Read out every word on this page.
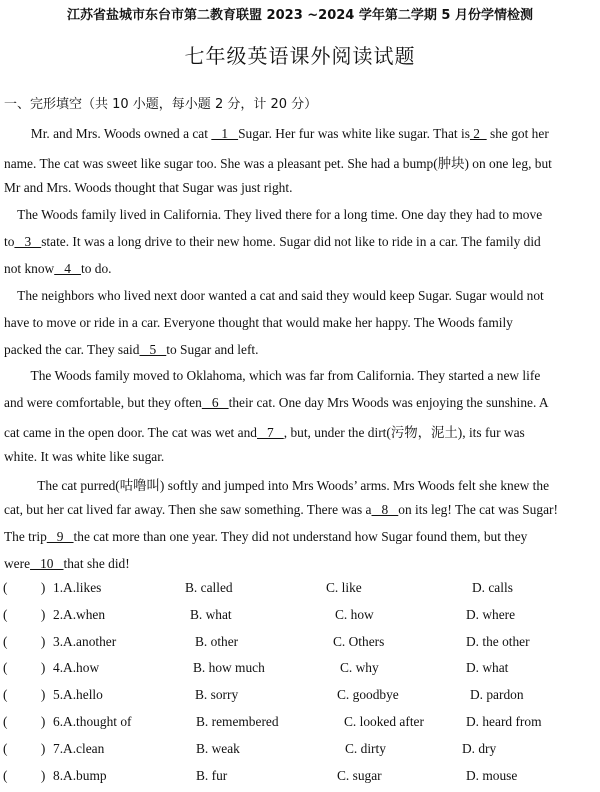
江苏省盐城市东台市第二教育联盟 2023 ~2024 学年第二学期 5 月份学情检测
七年级英语课外阅读试题
一、完形填空（共 10 小题，每小题 2 分，计 20 分）
Mr. and Mrs. Woods owned a cat    1   Sugar. Her fur was white like sugar. That is 2   she got her
name. The cat was sweet like sugar too. She was a pleasant pet. She had a bump(肿块) on one leg, but
Mr and Mrs. Woods thought that Sugar was just right.
The Woods family lived in California. They lived there for a long time. One day they had to move
to   3   state. It was a long drive to their new home. Sugar did not like to ride in a car. The family did
not know   4   to do.
The neighbors who lived next door wanted a cat and said they would keep Sugar. Sugar would not
have to move or ride in a car. Everyone thought that would make her happy. The Woods family
packed the car. They said   5   to Sugar and left.
The Woods family moved to Oklahoma, which was far from California. They started a new life
and were comfortable, but they often   6   their cat. One day Mrs Woods was enjoying the sunshine. A
cat came in the open door. The cat was wet and   7   , but, under the dirt(污物，泥土), its fur was
white. It was white like sugar.
The cat purred(咕噜叫) softly and jumped into Mrs Woods’ arms. Mrs Woods felt she knew the
cat, but her cat lived far away. Then she saw something. There was a   8   on its leg! The cat was Sugar!
The trip   9   the cat more than one year. They did not understand how Sugar found them, but they
were   10   that she did!
(          ) 1.A.likes	B. called	C. like	D. calls
(          ) 2.A.when	B. what	C. how	D. where
(          ) 3.A.another	B. other	C. Others	D. the other
(          ) 4.A.how	B. how much	C. why	D. what
(          ) 5.A.hello	B. sorry	C. goodbye	D. pardon
(          ) 6.A.thought of	B. remembered	C. looked after	D. heard from
(          ) 7.A.clean	B. weak	C. dirty	D. dry
(          ) 8.A.bump	B. fur	C. sugar	D. mouse
